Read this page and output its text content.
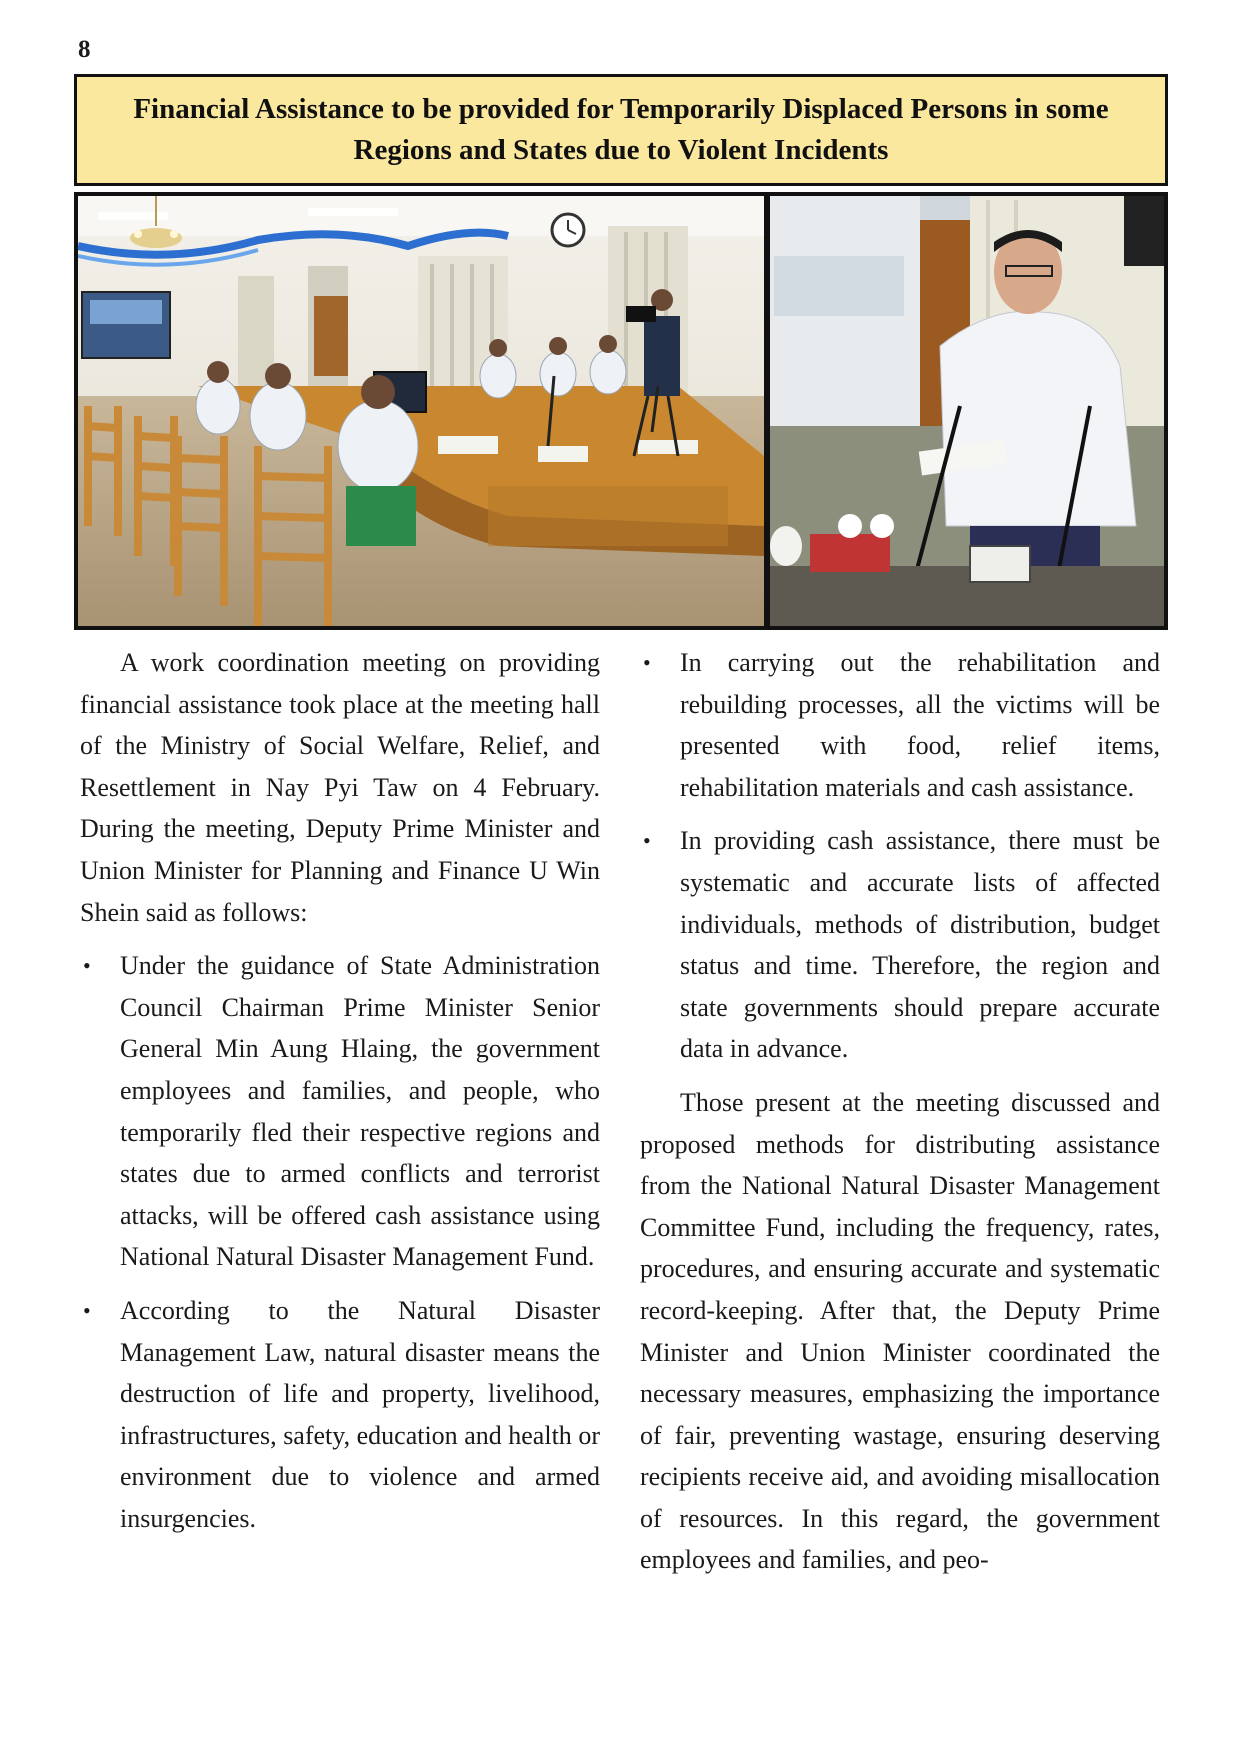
8
Financial Assistance to be provided for Temporarily Displaced Persons in some Regions and States due to Violent Incidents

A work coordination meeting on providing financial assistance took place at the meeting hall of the Ministry of Social Welfare, Relief, and Resettlement in Nay Pyi Taw on 4 February. During the meeting, Deputy Prime Minister and Union Minister for Planning and Finance U Win Shein said as follows:

• Under the guidance of State Administration Council Chairman Prime Minister Senior General Min Aung Hlaing, the government employees and families, and people, who temporarily fled their respective regions and states due to armed conflicts and terrorist attacks, will be offered cash assistance using National Natural Disaster Management Fund.
• According to the Natural Disaster Management Law, natural disaster means the destruction of life and property, livelihood, infrastructures, safety, education and health or environment due to violence and armed insurgencies.
• In carrying out the rehabilitation and rebuilding processes, all the victims will be presented with food, relief items, rehabilitation materials and cash assistance.
• In providing cash assistance, there must be systematic and accurate lists of affected individuals, methods of distribution, budget status and time. Therefore, the region and state governments should prepare accurate data in advance.

Those present at the meeting discussed and proposed methods for distributing assistance from the National Natural Disaster Management Committee Fund, including the frequency, rates, procedures, and ensuring accurate and systematic record-keeping. After that, the Deputy Prime Minister and Union Minister coordinated the necessary measures, emphasizing the importance of fair, preventing wastage, ensuring deserving recipients receive aid, and avoiding misallocation of resources. In this regard, the government employees and families, and peo-
